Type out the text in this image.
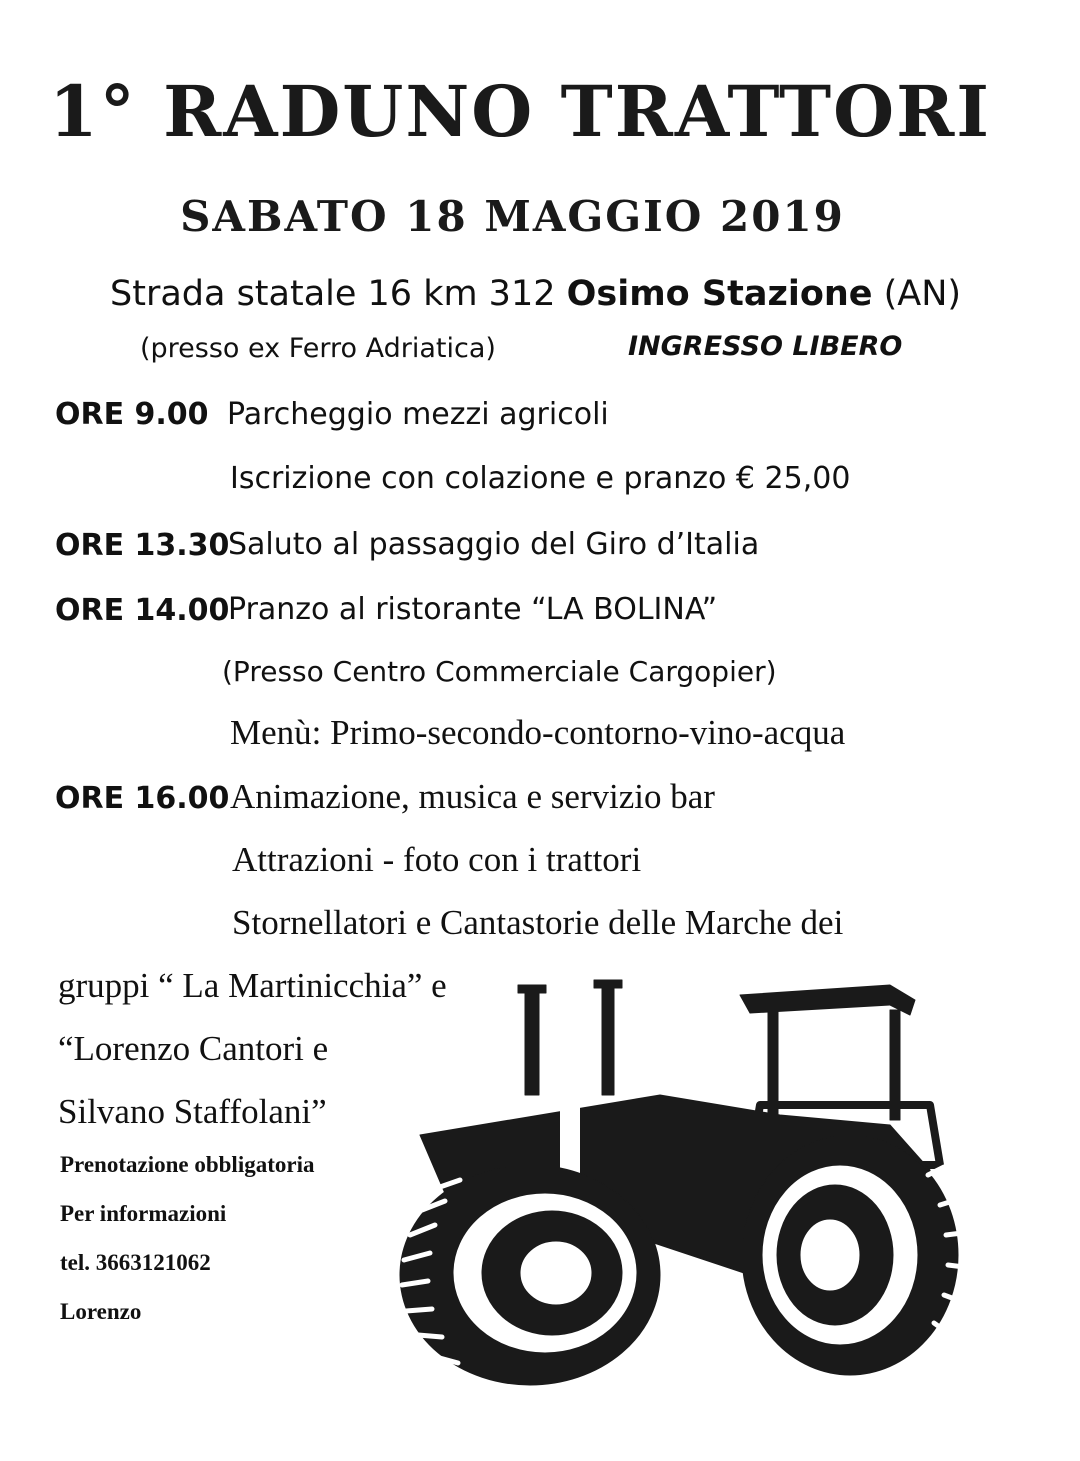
1° RADUNO TRATTORI
SABATO 18 MAGGIO 2019
Strada statale 16 km 312 Osimo Stazione (AN)
(presso ex Ferro Adriatica)	INGRESSO LIBERO
ORE 9.00 Parcheggio mezzi agricoli
Iscrizione con colazione e pranzo € 25,00
ORE 13.30
Saluto al passaggio del Giro d’Italia
ORE 14.00
Pranzo al ristorante “LA BOLINA”
(Presso Centro Commerciale Cargopier)
Menù: Primo-secondo-contorno-vino-acqua
ORE 16.00 Animazione, musica e servizio bar
Attrazioni - foto con i trattori
Stornellatori e Cantastorie delle Marche dei
gruppi “ La Martinicchia” e
“Lorenzo Cantori e
Silvano Staffolani”
Prenotazione obbligatoria
Per informazioni
tel. 3663121062
Lorenzo
